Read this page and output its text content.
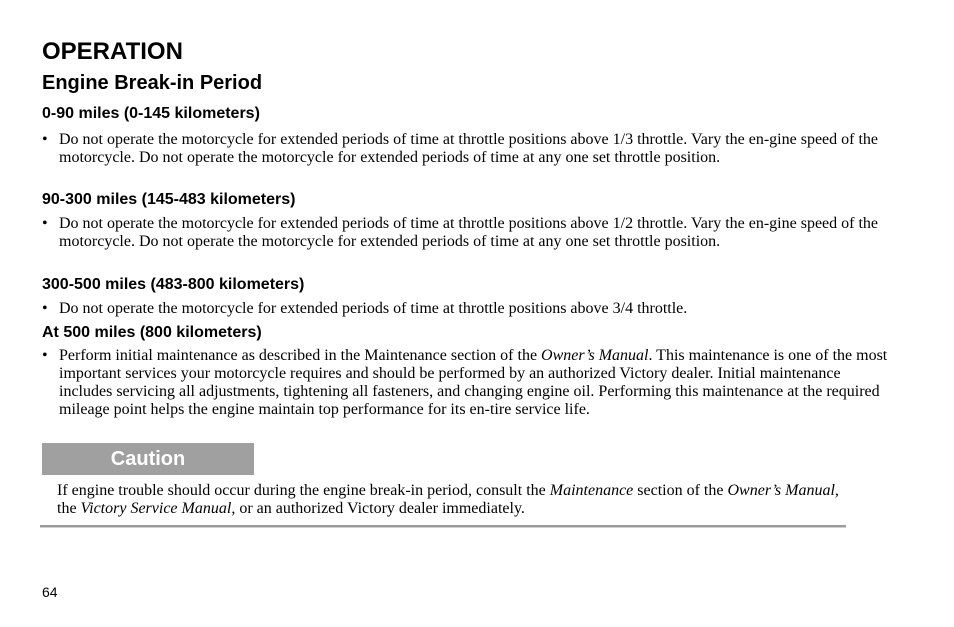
OPERATION
Engine Break-in Period
0-90 miles (0-145 kilometers)

• Do not operate the motorcycle for extended periods of time at throttle positions above 1/3 throttle. Vary the en-gine speed of the motorcycle. Do not operate the motorcycle for extended periods of time at any one set throttle position.

90-300 miles (145-483 kilometers)

• Do not operate the motorcycle for extended periods of time at throttle positions above 1/2 throttle. Vary the en-gine speed of the motorcycle. Do not operate the motorcycle for extended periods of time at any one set throttle position.

300-500 miles (483-800 kilometers)

• Do not operate the motorcycle for extended periods of time at throttle positions above 3/4 throttle.

At 500 miles (800 kilometers)

• Perform initial maintenance as described in the Maintenance section of the Owner’s Manual. This maintenance is one of the most important services your motorcycle requires and should be performed by an authorized Victory dealer. Initial maintenance includes servicing all adjustments, tightening all fasteners, and changing engine oil. Performing this maintenance at the required mileage point helps the engine maintain top performance for its en-tire service life.

Caution

If engine trouble should occur during the engine break-in period, consult the Maintenance section of the Owner’s Manual, the Victory Service Manual, or an authorized Victory dealer immediately.

64
